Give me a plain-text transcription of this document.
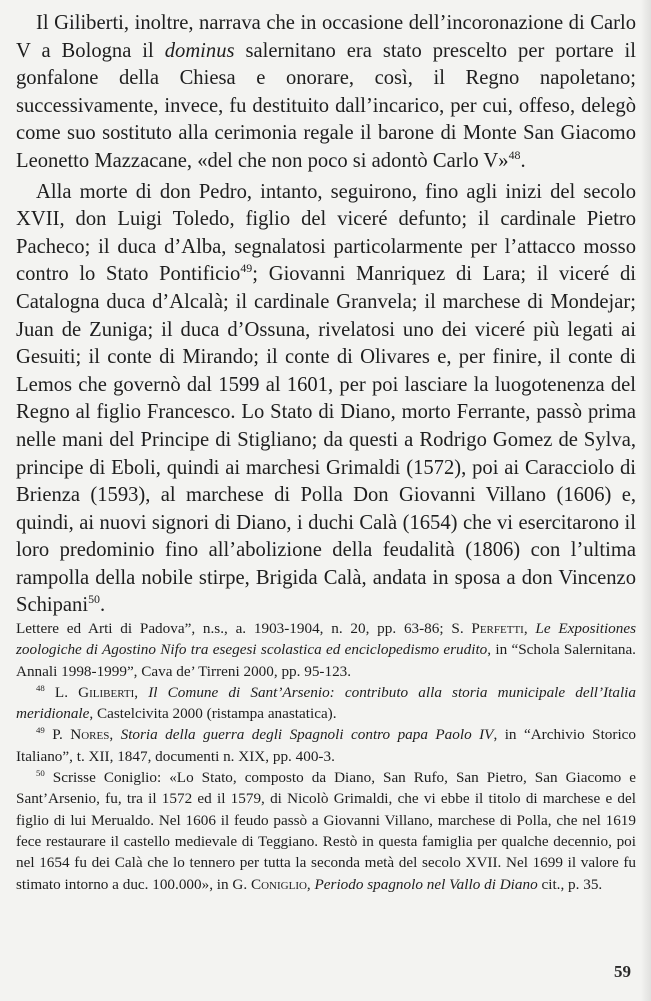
Il Giliberti, inoltre, narrava che in occasione dell’incoronazione di Carlo V a Bologna il dominus salernitano era stato prescelto per portare il gonfalone della Chiesa e onorare, così, il Regno napoletano; successivamente, invece, fu destituito dall’incarico, per cui, offeso, delegò come suo sostituto alla cerimonia regale il barone di Monte San Giacomo Leonetto Mazzacane, «del che non poco si adontò Carlo V»$^{48}$.

Alla morte di don Pedro, intanto, seguirono, fino agli inizi del secolo XVII, don Luigi Toledo, figlio del viceré defunto; il cardinale Pietro Pacheco; il duca d’Alba, segnalatosi particolarmente per l’attacco mosso contro lo Stato Pontificio$^{49}$; Giovanni Manriquez di Lara; il viceré di Catalogna duca d’Alcalà; il cardinale Granvela; il marchese di Mondejar; Juan de Zuniga; il duca d’Ossuna, rivelatosi uno dei viceré più legati ai Gesuiti; il conte di Mirando; il conte di Olivares e, per finire, il conte di Lemos che governò dal 1599 al 1601, per poi lasciare la luogotenenza del Regno al figlio Francesco. Lo Stato di Diano, morto Ferrante, passò prima nelle mani del Principe di Stigliano; da questi a Rodrigo Gomez de Sylva, principe di Eboli, quindi ai marchesi Grimaldi (1572), poi ai Caracciolo di Brienza (1593), al marchese di Polla Don Giovanni Villano (1606) e, quindi, ai nuovi signori di Diano, i duchi Calà (1654) che vi esercitarono il loro predominio fino all’abolizione della feudalità (1806) con l’ultima rampolla della nobile stirpe, Brigida Calà, andata in sposa a don Vincenzo Schipani$^{50}$.

Lettere ed Arti di Padova”, n.s., a. 1903-1904, n. 20, pp. 63-86; S. Perfetti, Le Expositiones zoologiche di Agostino Nifo tra esegesi scolastica ed enciclopedismo erudito, in “Schola Salernitana. Annali 1998-1999”, Cava de’ Tirreni 2000, pp. 95-123.

$^{48}$ L. Giliberti, Il Comune di Sant’Arsenio: contributo alla storia municipale dell’Italia meridionale, Castelcivita 2000 (ristampa anastatica).

$^{49}$ P. Nores, Storia della guerra degli Spagnoli contro papa Paolo IV, in “Archivio Storico Italiano”, t. XII, 1847, documenti n. XIX, pp. 400-3.

$^{50}$ Scrisse Coniglio: «Lo Stato, composto da Diano, San Rufo, San Pietro, San Giacomo e Sant’Arsenio, fu, tra il 1572 ed il 1579, di Nicolò Grimaldi, che vi ebbe il titolo di marchese e del figlio di lui Merualdo. Nel 1606 il feudo passò a Giovanni Villano, marchese di Polla, che nel 1619 fece restaurare il castello medievale di Teggiano. Restò in questa famiglia per qualche decennio, poi nel 1654 fu dei Calà che lo tennero per tutta la seconda metà del secolo XVII. Nel 1699 il valore fu stimato intorno a duc. 100.000», in G. Coniglio, Periodo spagnolo nel Vallo di Diano cit., p. 35.

59
